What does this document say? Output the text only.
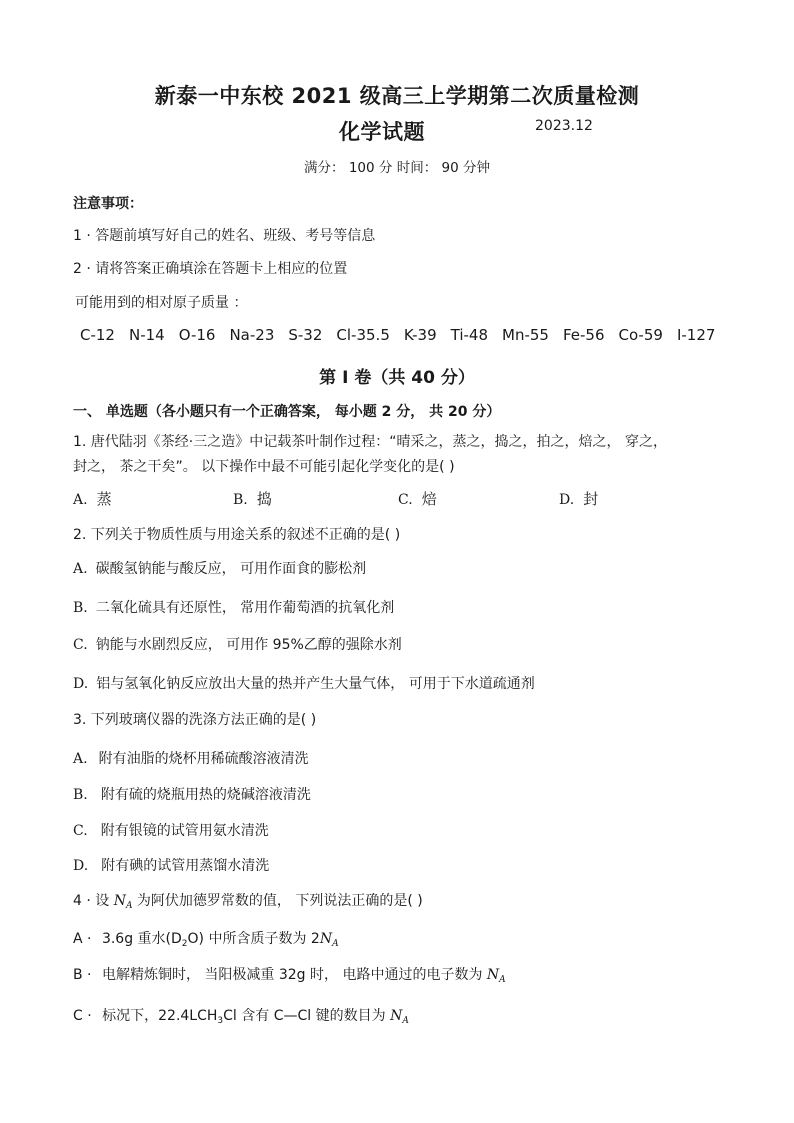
新泰一中东校 2021 级高三上学期第二次质量检测
化学试题	2023.12
满分： 100 分 时间： 90 分钟
注意事项：
1 · 答题前填写好自己的姓名、班级、考号等信息
2 · 请将答案正确填涂在答题卡上相应的位置
可能用到的相对原子质量 ：
C-12 N-14 O-16 Na-23 S-32 Cl-35.5 K-39 Ti-48 Mn-55 Fe-56 Co-59 I-127
第 I 卷（共 40 分）
一、 单选题（各小题只有一个正确答案， 每小题 2 分， 共 20 分）
1. 唐代陆羽《茶经·三之造》中记载茶叶制作过程：“晴采之，蒸之，捣之，拍之，焙之， 穿之，
封之， 茶之干矣”。 以下操作中最不可能引起化学变化的是( )
A. 蒸	B. 捣	C. 焙	D. 封
2. 下列关于物质性质与用途关系的叙述不正确的是( )
A. 碳酸氢钠能与酸反应， 可用作面食的膨松剂
B. 二氧化硫具有还原性， 常用作葡萄酒的抗氧化剂
C. 钠能与水剧烈反应， 可用作 95%乙醇的强除水剂
D. 铝与氢氧化钠反应放出大量的热并产生大量气体， 可用于下水道疏通剂
3. 下列玻璃仪器的洗涤方法正确的是( )
A. 附有油脂的烧杯用稀硫酸溶液清洗
B. 附有硫的烧瓶用热的烧碱溶液清洗
C. 附有银镜的试管用氨水清洗
D. 附有碘的试管用蒸馏水清洗
4 · 设 $N_A$ 为阿伏加德罗常数的值， 下列说法正确的是( )
A · 3.6g 重水$(D_2O)$ 中所含质子数为 $2N_A$
B · 电解精炼铜时， 当阳极减重 32g 时， 电路中通过的电子数为 $N_A$
C · 标况下，$22.4LCH_3Cl$ 含有 C—Cl 键的数目为 $N_A$
